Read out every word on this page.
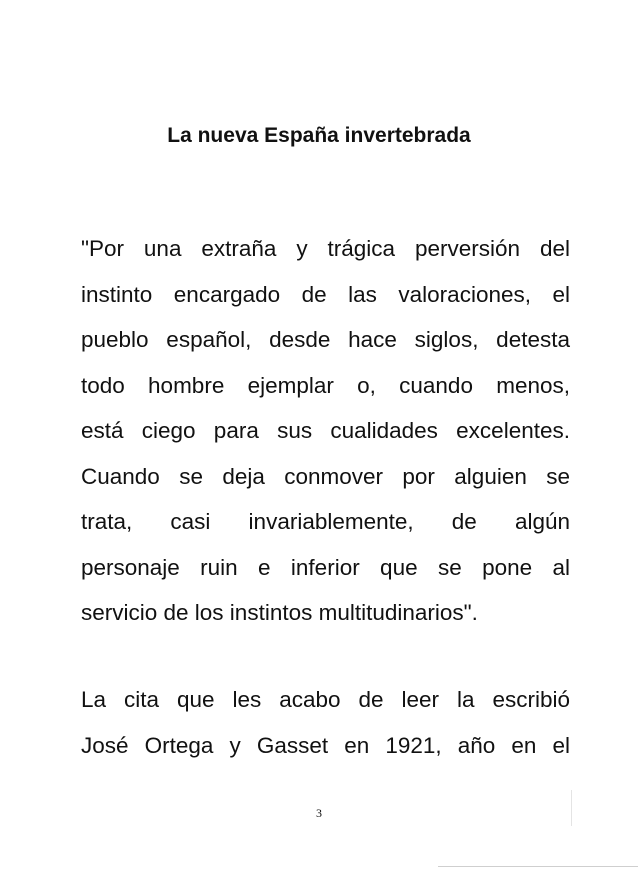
La nueva España invertebrada
"Por una extraña y trágica perversión del
instinto encargado de las valoraciones, el
pueblo español, desde hace siglos, detesta
todo hombre ejemplar o, cuando menos,
está ciego para sus cualidades excelentes.
Cuando se deja conmover por alguien se
trata, casi invariablemente, de algún
personaje ruin e inferior que se pone al
servicio de los instintos multitudinarios".
La cita que les acabo de leer la escribió
José Ortega y Gasset en 1921, año en el
3
